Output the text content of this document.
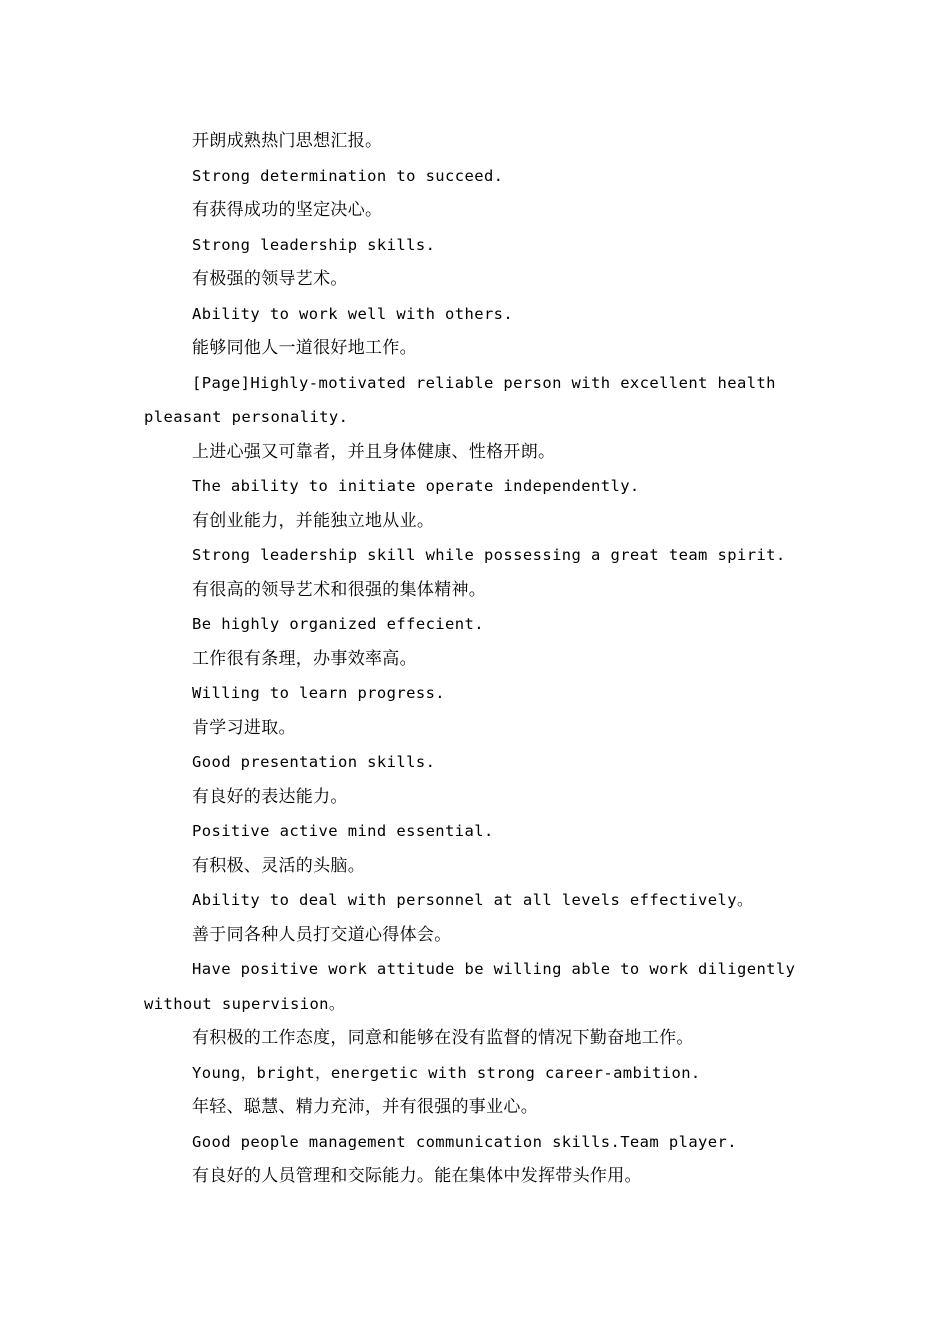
开朗成熟热门思想汇报。

Strong determination to succeed.

有获得成功的坚定决心。

Strong leadership skills.

有极强的领导艺术。

Ability to work well with others.

能够同他人一道很好地工作。

[Page]Highly-motivated reliable person with excellent health pleasant personality.

上进心强又可靠者，并且身体健康、性格开朗。

The ability to initiate operate independently.

有创业能力，并能独立地从业。

Strong leadership skill while possessing a great team spirit.

有很高的领导艺术和很强的集体精神。

Be highly organized effecient.

工作很有条理，办事效率高。

Willing to learn progress.

肯学习进取。

Good presentation skills.

有良好的表达能力。

Positive active mind essential.

有积极、灵活的头脑。

Ability to deal with personnel at all levels effectively。

善于同各种人员打交道心得体会。

Have positive work attitude be willing able to work diligently without supervision。

有积极的工作态度，同意和能够在没有监督的情况下勤奋地工作。

Young，bright，energetic with strong career-ambition.

年轻、聪慧、精力充沛，并有很强的事业心。

Good people management communication skills.Team player.

有良好的人员管理和交际能力。能在集体中发挥带头作用。
